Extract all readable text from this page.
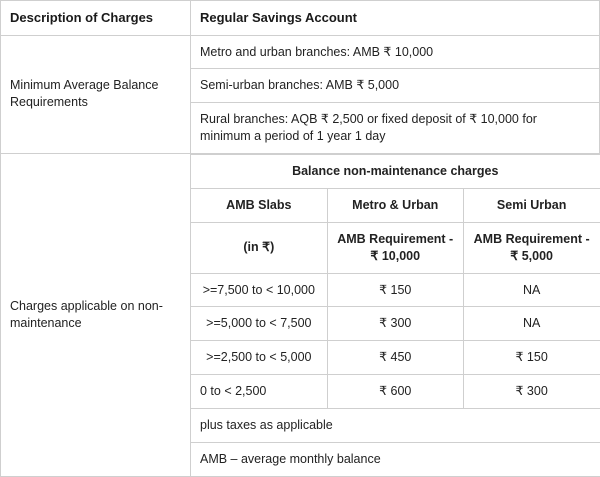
Description of Charges	Regular Savings Account
Minimum Average Balance Requirements	Metro and urban branches: AMB ₹ 10,000
Semi-urban branches: AMB ₹ 5,000
Rural branches: AQB ₹ 2,500 or fixed deposit of ₹ 10,000 for minimum a period of 1 year 1 day
Charges applicable on non-maintenance	
Balance non-maintenance charges
AMB Slabs	Metro & Urban	Semi Urban
(in ₹)	AMB Requirement - ₹ 10,000	AMB Requirement - ₹ 5,000
>=7,500 to < 10,000	₹ 150	NA
>=5,000 to < 7,500	₹ 300	NA
>=2,500 to < 5,000	₹ 450	₹ 150
0 to < 2,500	₹ 600	₹ 300
plus taxes as applicable
AMB – average monthly balance
